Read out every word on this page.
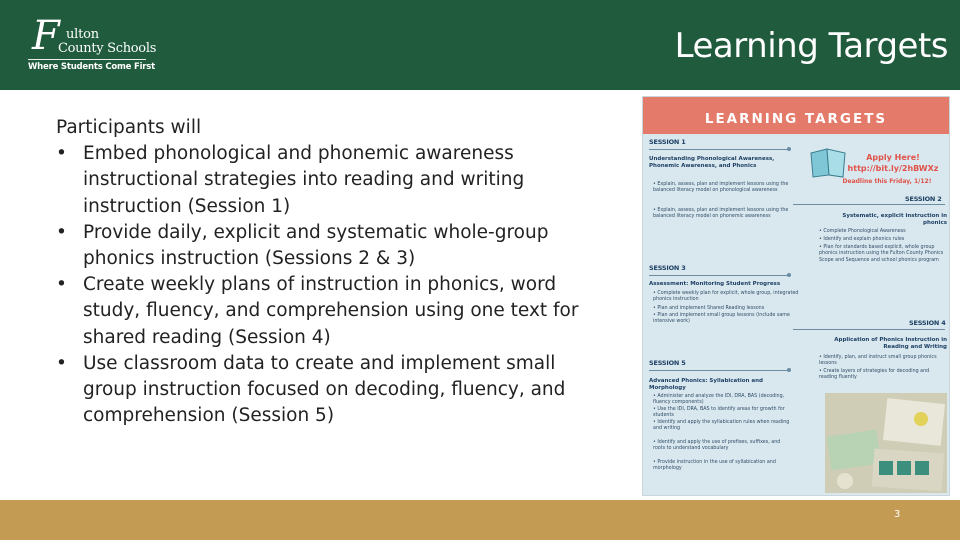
F ulton
County Schools
Where Students Come First
Learning Targets

Participants will

• Embed phonological and phonemic awareness instructional strategies into reading and writing instruction (Session 1)
• Provide daily, explicit and systematic whole-group phonics instruction (Sessions 2 & 3)
• Create weekly plans of instruction in phonics, word study, fluency, and comprehension using one text for shared reading (Session 4)
• Use classroom data to create and implement small group instruction focused on decoding, fluency, and comprehension (Session 5)
LEARNING TARGETS
SESSION 1
Understanding Phonological Awareness, Phonemic Awareness, and Phonics
• Explain, assess, plan and implement lessons using the balanced literacy model on phonological awareness
• Explain, assess, plan and implement lessons using the balanced literacy model on phonemic awareness
Apply Here!
http://bit.ly/2hBWXz
Deadline this Friday, 1/12!
SESSION 2
Systematic, explicit instruction in phonics
• Complete Phonological Awareness
• Identify and explain phonics rules
• Plan for standards based explicit, whole group phonics instruction using the Fulton County Phonics Scope and Sequence and school phonics program
SESSION 3
Assessment: Monitoring Student Progress
• Complete weekly plan for explicit, whole group, integrated phonics instruction
• Plan and implement Shared Reading lessons
• Plan and implement small group lessons (include same intensive work)	SESSION 4
Application of Phonics Instruction in Reading and Writing
• Identify, plan, and instruct small group phonics lessons
• Create layers of strategies for decoding and reading fluently
SESSION 5
Advanced Phonics: Syllabication and Morphology
• Administer and analyze the IDI, DRA, BAS (decoding, fluency components)
• Use the IDI, DRA, BAS to identify areas for growth for students
• Identify and apply the syllabication rules when reading and writing
• Identify and apply the use of prefixes, suffixes, and roots to understand vocabulary
• Provide instruction in the use of syllabication and morphology
3
